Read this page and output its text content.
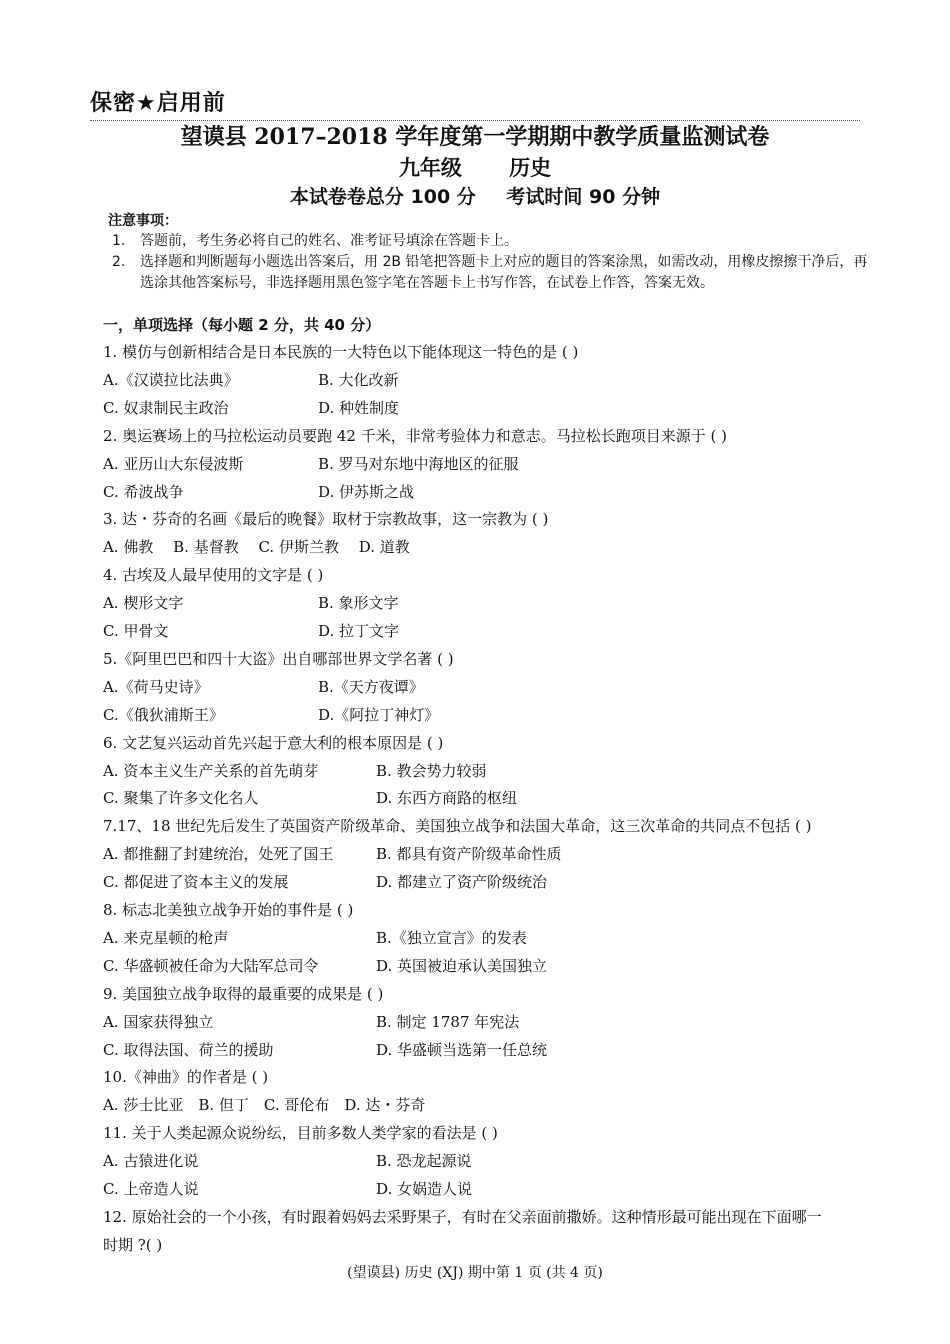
保密★启用前
望谟县 2017–2018 学年度第一学期期中教学质量监测试卷
九年级 历史
本试卷卷总分 100 分 考试时间 90 分钟
注意事项：
1. 答题前，考生务必将自己的姓名、准考证号填涂在答题卡上。
2. 选择题和判断题每小题选出答案后，用 2B 铅笔把答题卡上对应的题目的答案涂黑，如需改动，用橡皮擦擦干净后，再选涂其他答案标号，非选择题用黑色签字笔在答题卡上书写作答，在试卷上作答，答案无效。
一，单项选择（每小题 2 分，共 40 分）
1. 模仿与创新相结合是日本民族的一大特色以下能体现这一特色的是 ( )
A.《汉谟拉比法典》	B. 大化改新
C. 奴隶制民主政治	D. 种姓制度
2. 奥运赛场上的马拉松运动员要跑 42 千米，非常考验体力和意志。马拉松长跑项目来源于 ( )
A. 亚历山大东侵波斯	B. 罗马对东地中海地区的征服
C. 希波战争	D. 伊苏斯之战
3. 达・芬奇的名画《最后的晚餐》取材于宗教故事，这一宗教为 ( )
A. 佛教　 B. 基督教　 C. 伊斯兰教　 D. 道教
4. 古埃及人最早使用的文字是 ( )
A. 楔形文字	B. 象形文字
C. 甲骨文	D. 拉丁文字
5.《阿里巴巴和四十大盗》出自哪部世界文学名著 ( )
A.《荷马史诗》	B.《天方夜谭》
C.《俄狄浦斯王》	D.《阿拉丁神灯》
6. 文艺复兴运动首先兴起于意大利的根本原因是 ( )
A. 资本主义生产关系的首先萌芽	B. 教会势力较弱
C. 聚集了许多文化名人	D. 东西方商路的枢纽
7.17、18 世纪先后发生了英国资产阶级革命、美国独立战争和法国大革命，这三次革命的共同点不包括 ( )
A. 都推翻了封建统治，处死了国王	B. 都具有资产阶级革命性质
C. 都促进了资本主义的发展	D. 都建立了资产阶级统治
8. 标志北美独立战争开始的事件是 ( )
A. 来克星顿的枪声	B.《独立宣言》的发表
C. 华盛顿被任命为大陆军总司令	D. 英国被迫承认美国独立
9. 美国独立战争取得的最重要的成果是 ( )
A. 国家获得独立	B. 制定 1787 年宪法
C. 取得法国、荷兰的援助	D. 华盛顿当选第一任总统
10.《神曲》的作者是 ( )
A. 莎士比亚　B. 但丁　C. 哥伦布　D. 达・芬奇
11. 关于人类起源众说纷纭，目前多数人类学家的看法是 ( )
A. 古猿进化说	B. 恐龙起源说
C. 上帝造人说	D. 女娲造人说
12. 原始社会的一个小孩，有时跟着妈妈去采野果子，有时在父亲面前撒娇。这种情形最可能出现在下面哪一
时期 ?( )
(望谟县) 历史 (XJ) 期中第 1 页 (共 4 页)
